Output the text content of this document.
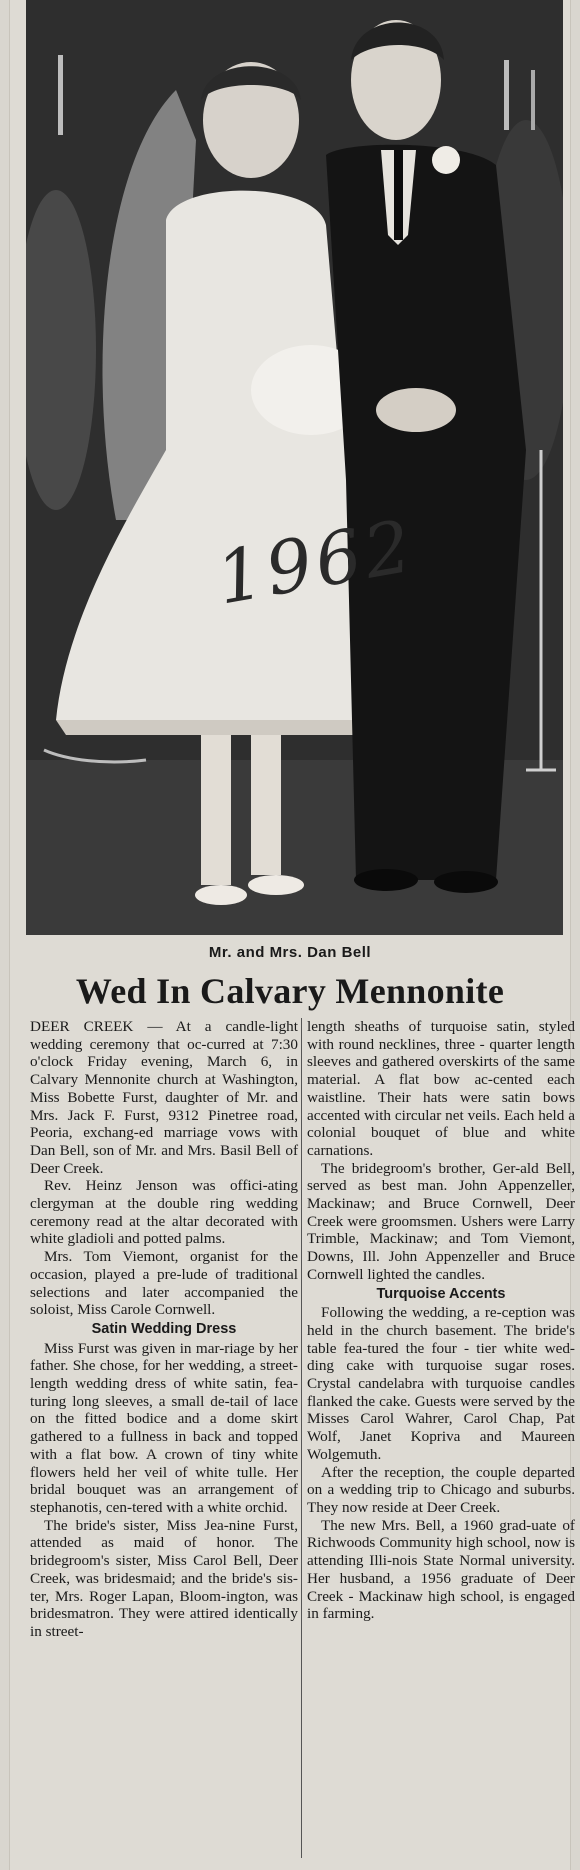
1962
Mr. and Mrs. Dan Bell
Wed In Calvary Mennonite

DEER CREEK — At a candle-light wedding ceremony that oc-curred at 7:30 o'clock Friday evening, March 6, in Calvary Mennonite church at Washington, Miss Bobette Furst, daughter of Mr. and Mrs. Jack F. Furst, 9312 Pinetree road, Peoria, exchang-ed marriage vows with Dan Bell, son of Mr. and Mrs. Basil Bell of Deer Creek.

Rev. Heinz Jenson was offici-ating clergyman at the double ring wedding ceremony read at the altar decorated with white gladioli and potted palms.

Mrs. Tom Viemont, organist for the occasion, played a pre-lude of traditional selections and later accompanied the soloist, Miss Carole Cornwell.

Satin Wedding Dress

Miss Furst was given in mar-riage by her father. She chose, for her wedding, a street-length wedding dress of white satin, fea-turing long sleeves, a small de-tail of lace on the fitted bodice and a dome skirt gathered to a fullness in back and topped with a flat bow. A crown of tiny white flowers held her veil of white tulle. Her bridal bouquet was an arrangement of stephanotis, cen-tered with a white orchid.

The bride's sister, Miss Jea-nine Furst, attended as maid of honor. The bridegroom's sister, Miss Carol Bell, Deer Creek, was bridesmaid; and the bride's sis-ter, Mrs. Roger Lapan, Bloom-ington, was bridesmatron. They were attired identically in street-

length sheaths of turquoise satin, styled with round necklines, three - quarter length sleeves and gathered overskirts of the same material. A flat bow ac-cented each waistline. Their hats were satin bows accented with circular net veils. Each held a colonial bouquet of blue and white carnations.

The bridegroom's brother, Ger-ald Bell, served as best man. John Appenzeller, Mackinaw; and Bruce Cornwell, Deer Creek were groomsmen. Ushers were Larry Trimble, Mackinaw; and Tom Viemont, Downs, Ill. John Appenzeller and Bruce Cornwell lighted the candles.

Turquoise Accents

Following the wedding, a re-ception was held in the church basement. The bride's table fea-tured the four - tier white wed-ding cake with turquoise sugar roses. Crystal candelabra with turquoise candles flanked the cake. Guests were served by the Misses Carol Wahrer, Carol Chap, Pat Wolf, Janet Kopriva and Maureen Wolgemuth.

After the reception, the couple departed on a wedding trip to Chicago and suburbs. They now reside at Deer Creek.

The new Mrs. Bell, a 1960 grad-uate of Richwoods Community high school, now is attending Illi-nois State Normal university. Her husband, a 1956 graduate of Deer Creek - Mackinaw high school, is engaged in farming.
